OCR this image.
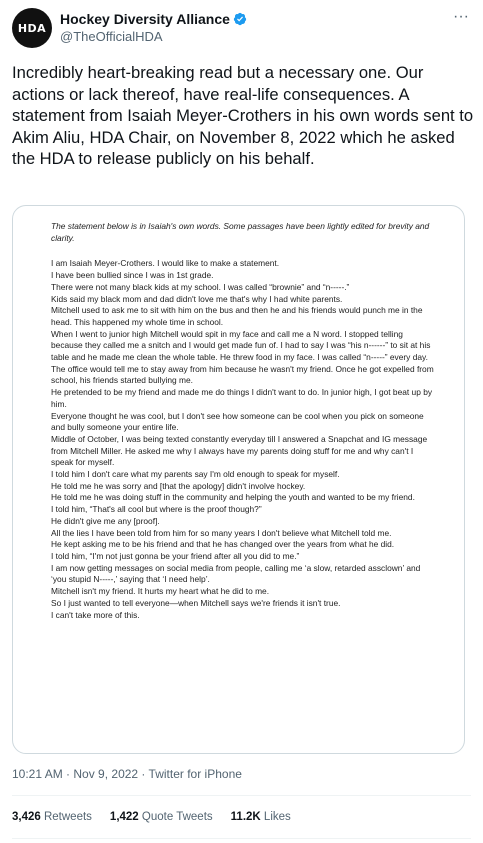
HDA
Hockey Diversity Alliance
@TheOfficialHDA
···

Incredibly heart-breaking read but a necessary one. Our actions or lack thereof, have real-life consequences. A statement from Isaiah Meyer-Crothers in his own words sent to Akim Aliu, HDA Chair, on November 8, 2022 which he asked the HDA to release publicly on his behalf.

The statement below is in Isaiah's own words. Some passages have been lightly edited for brevity and clarity.

I am Isaiah Meyer-Crothers. I would like to make a statement.

I have been bullied since I was in 1st grade.

There were not many black kids at my school. I was called “brownie” and “n-----.”

Kids said my black mom and dad didn't love me that's why I had white parents.

Mitchell used to ask me to sit with him on the bus and then he and his friends would punch me in the head. This happened my whole time in school.

When I went to junior high Mitchell would spit in my face and call me a N word. I stopped telling because they called me a snitch and I would get made fun of. I had to say I was “his n------” to sit at his table and he made me clean the whole table. He threw food in my face. I was called “n-----” every day.

The office would tell me to stay away from him because he wasn't my friend. Once he got expelled from school, his friends started bullying me.

He pretended to be my friend and made me do things I didn't want to do. In junior high, I got beat up by him.

Everyone thought he was cool, but I don't see how someone can be cool when you pick on someone and bully someone your entire life.

Middle of October, I was being texted constantly everyday till I answered a Snapchat and IG message from Mitchell Miller. He asked me why I always have my parents doing stuff for me and why can't I speak for myself.

I told him I don't care what my parents say I'm old enough to speak for myself.

He told me he was sorry and [that the apology] didn't involve hockey.

He told me he was doing stuff in the community and helping the youth and wanted to be my friend.

I told him, “That's all cool but where is the proof though?”

He didn't give me any [proof].

All the lies I have been told from him for so many years I don't believe what Mitchell told me.

He kept asking me to be his friend and that he has changed over the years from what he did.

I told him, “I'm not just gonna be your friend after all you did to me.”

I am now getting messages on social media from people, calling me ‘a slow, retarded assclown’ and ‘you stupid N-----,’ saying that ‘I need help’.

Mitchell isn't my friend. It hurts my heart what he did to me.

So I just wanted to tell everyone—when Mitchell says we're friends it isn't true.

I can't take more of this.

10:21 AM · Nov 9, 2022 · Twitter for iPhone
3,426 Retweets 1,422 Quote Tweets 11.2K Likes
